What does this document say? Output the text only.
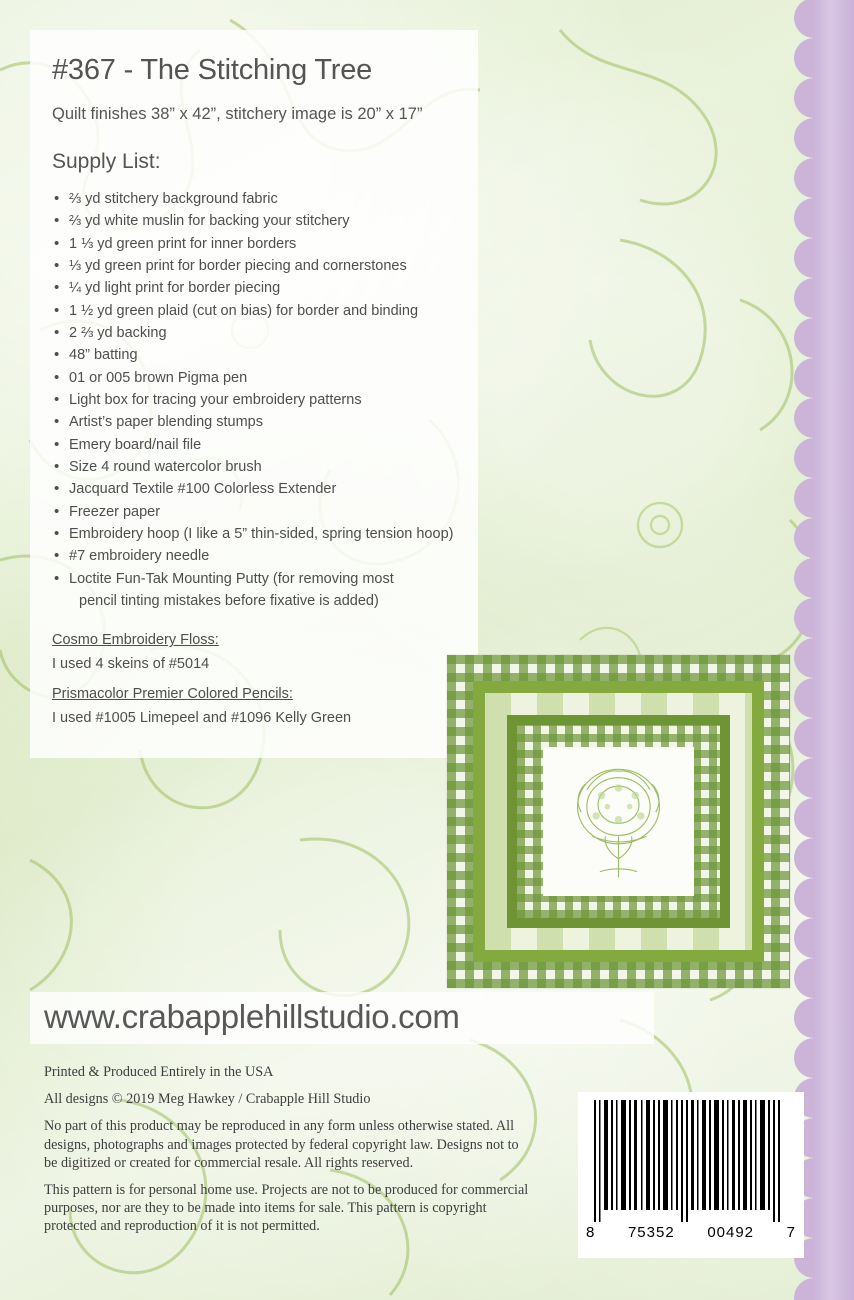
#367 - The Stitching Tree
Quilt finishes 38” x 42”, stitchery image is 20” x 17”
Supply List:
• ⅔ yd stitchery background fabric
• ⅔ yd white muslin for backing your stitchery
• 1 ⅓ yd green print for inner borders
• ⅓ yd green print for border piecing and cornerstones
• ¼ yd light print for border piecing
• 1 ½ yd green plaid (cut on bias) for border and binding
• 2 ⅔ yd backing
• 48” batting
• 01 or 005 brown Pigma pen
• Light box for tracing your embroidery patterns
• Artist’s paper blending stumps
• Emery board/nail file
• Size 4 round watercolor brush
• Jacquard Textile #100 Colorless Extender
• Freezer paper
• Embroidery hoop (I like a 5” thin-sided, spring tension hoop)
• #7 embroidery needle
• Loctite Fun-Tak Mounting Putty (for removing most
pencil tinting mistakes before fixative is added)
Cosmo Embroidery Floss:
I used 4 skeins of #5014
Prismacolor Premier Colored Pencils:
I used #1005 Limepeel and #1096 Kelly Green
www.crabapplehillstudio.com

Printed & Produced Entirely in the USA

All designs © 2019 Meg Hawkey / Crabapple Hill Studio

No part of this product may be reproduced in any form unless otherwise stated. All designs, photographs and images protected by federal copyright law. Designs not to be digitized or created for commercial resale. All rights reserved.

This pattern is for personal home use. Projects are not to be produced for commercial purposes, nor are they to be made into items for sale. This pattern is copyright protected and reproduction of it is not permitted.	8 75352 00492 7
